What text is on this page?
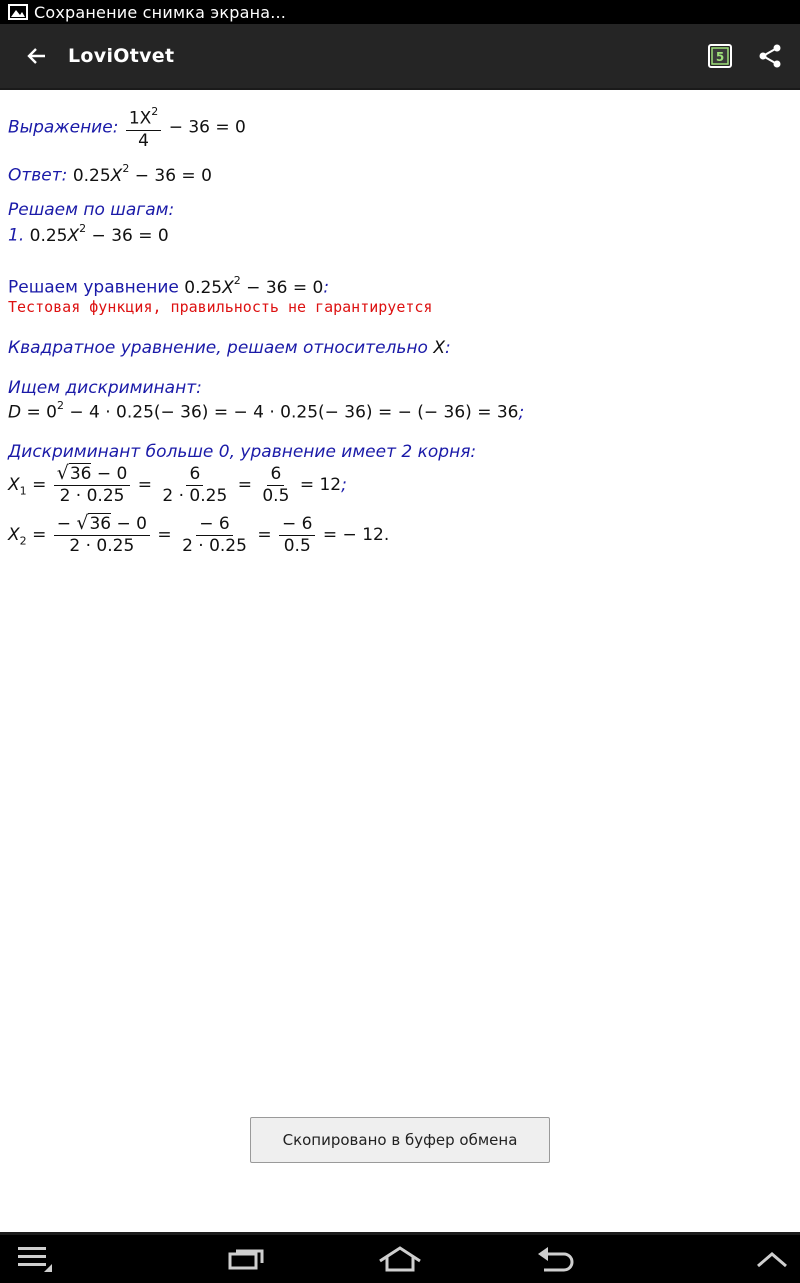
Сохранение снимка экрана...
LoviOtvet	5
Выражение: $\frac{1X^2}{4} - 36 = 0$
Ответ: $0.25X^2 - 36 = 0$
Решаем по шагам:
1. $0.25X^2 - 36 = 0$
Решаем уравнение $0.25X^2 - 36 = 0$:
Тестовая функция, правильность не гарантируется
Квадратное уравнение, решаем относительно X:
Ищем дискриминант:
$D = 0^2 - 4 \cdot 0.25(- 36)$ = − 4 · 0.25(− 36) = − (− 36) = 36;
Дискриминант больше 0, уравнение имеет 2 корня:
$X_1 = \frac{√36 - 0}{2 \cdot 0.25} = \frac{6}{2 \cdot 0.25} = \frac{6}{0.5} = 12$;
$X_2 = \frac{- √36 - 0}{2 \cdot 0.25} = \frac{- 6}{2 \cdot 0.25} = \frac{- 6}{0.5}$ = − 12.
Скопировано в буфер обмена
